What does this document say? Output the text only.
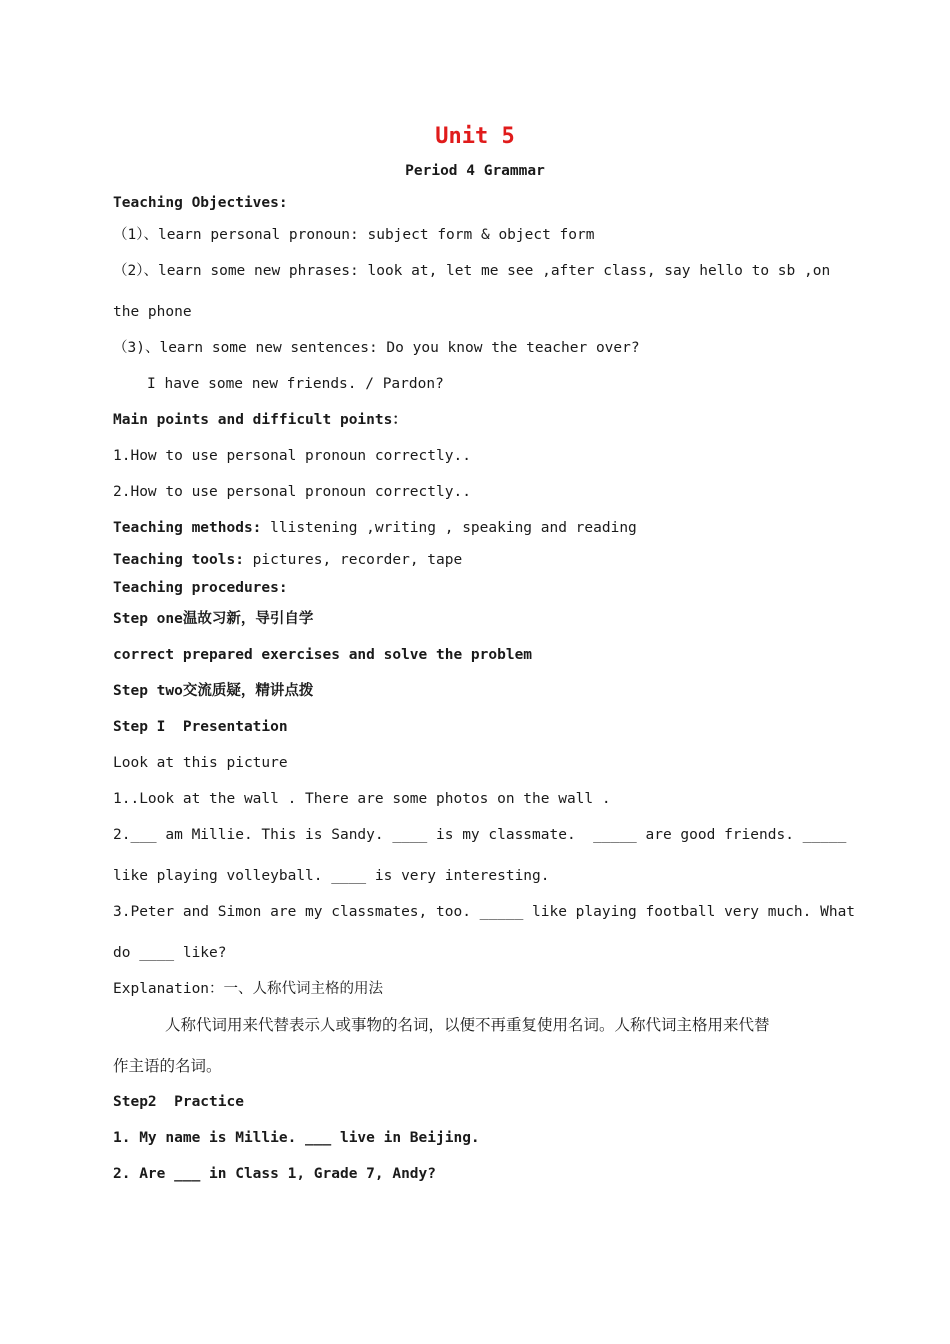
Unit 5
Period 4 Grammar
Teaching Objectives:
（1）、learn personal pronoun: subject form & object form
（2）、learn some new phrases: look at, let me see ,after class, say hello to sb ,on
the phone
（3)、learn some new sentences: Do you know the teacher over?
I have some new friends. / Pardon?
Main points and difficult points：
1.How to use personal pronoun correctly..
2.How to use personal pronoun correctly..
Teaching methods: llistening ,writing , speaking and reading
Teaching tools: pictures, recorder, tape
Teaching procedures:
Step one温故习新，导引自学
correct prepared exercises and solve the problem
Step two交流质疑，精讲点拨
Step I  Presentation
Look at this picture
1..Look at the wall . There are some photos on the wall .
2.___ am Millie. This is Sandy. ____ is my classmate.  _____ are good friends. _____
like playing volleyball. ____ is very interesting.
3.Peter and Simon are my classmates, too. _____ like playing football very much. What
do ____ like?
Explanation：一、人称代词主格的用法
人称代词用来代替表示人或事物的名词，以便不再重复使用名词。人称代词主格用来代替
作主语的名词。
Step2  Practice
1. My name is Millie. ___ live in Beijing.
2. Are ___ in Class 1, Grade 7, Andy?
